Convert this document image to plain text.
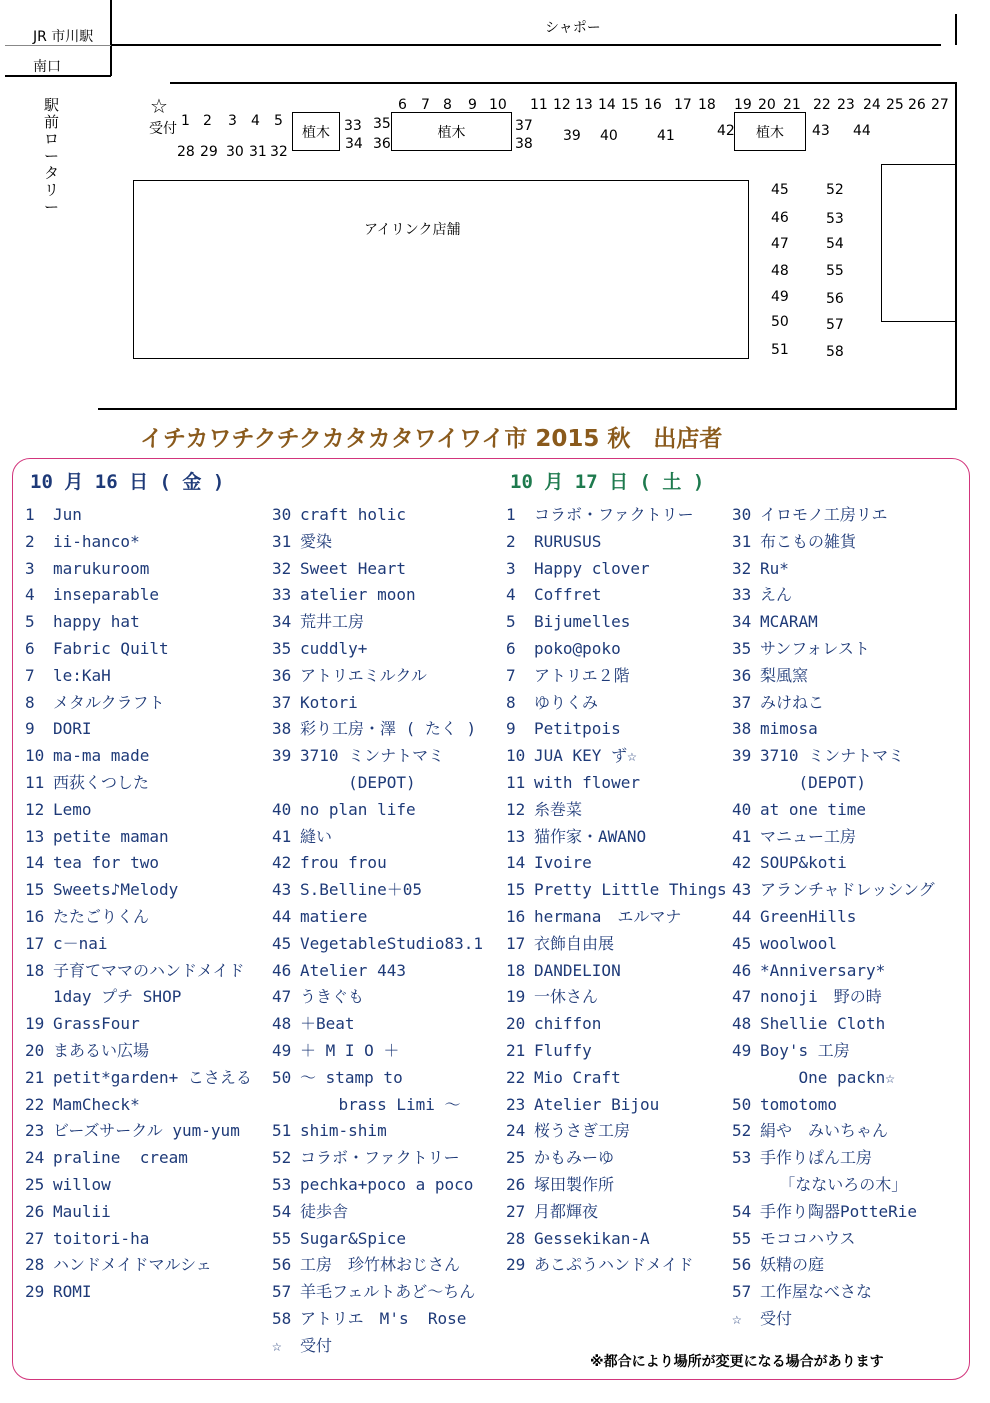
JR 市川駅
南口
駅前ロータリー
シャポー
アイリンク店舗
植木	植木	植木
☆
受付 1 2 3 4 5
28 29 30 31 32
33
34
35
36
6 7 8 9 10
37
38
11 12 13 14 15 16 17 18
39 40	41	42
19 20 21
43
22 23 24 25 26 27
44
45
46
47
48
49
50
51
52
53
54
55
56
57
58
イチカワチクチクカタカタワイワイ市 2015 秋　出店者
10 月 16 日 ( 金 )	10 月 17 日 ( 土 )
1	Jun
2	ii-hanco*
3	marukuroom
4	inseparable
5	happy hat
6	Fabric Quilt
7	le:KaH
8	メタルクラフト
9	DORI
10 ma-ma made
11 西荻くつした
12 Lemo
13 petite maman
14 tea for two
15 Sweets♪Melody
16 たたごりくん
17 c－nai
18 子育てママのハンドメイド
1day プチ SHOP
19 GrassFour
20 まあるい広場
21 petit*garden+ こさえる
22 MamCheck*
23 ビーズサークル yum-yum
24 praline  cream
25 willow
26 Maulii
27 toitori-ha
28 ハンドメイドマルシェ
29 ROMI
30 craft holic
31 愛染
32 Sweet Heart
33 atelier moon
34 荒井工房
35 cuddly+
36 アトリエミルクル
37 Kotori
38 彩り工房・澤 ( たく )
39 3710 ミンナトマミ
(DEPOT)
40 no plan life
41 縫い
42 frou frou
43 S.Belline＋05
44 matiere
45 VegetableStudio83.1
46 Atelier 443
47 うきぐも
48 ＋Beat
49 ＋ M I O ＋
50 ～ stamp to
brass Limi ～
51 shim-shim
52 コラボ・ファクトリー
53 pechka+poco a poco
54 徒歩舎
55 Sugar&Spice
56 工房　珍竹林おじさん
57 羊毛フェルトあど～ちん
58 アトリエ　M's  Rose
☆	受付
1	コラボ・ファクトリー
2	RURUSUS
3	Happy clover
4	Coffret
5	Bijumelles
6	poko@poko
7	アトリエ２階
8	ゆりくみ
9	Petitpois
10 JUA KEY ず☆
11 with flower
12 糸巻菜
13 猫作家・AWANO
14 Ivoire
15 Pretty Little Things
16 hermana　エルマナ
17 衣飾自由展
18 DANDELION
19 一休さん
20 chiffon
21 Fluffy
22 Mio Craft
23 Atelier Bijou
24 桜うさぎ工房
25 かもみーゆ
26 塚田製作所
27 月都輝夜
28 Gessekikan-A
29 あこぷうハンドメイド
30 イロモノ工房リエ
31 布こもの雑貨
32 Ru*
33 えん
34 MCARAM
35 サンフォレスト
36 梨風窯
37 みけねこ
38 mimosa
39 3710 ミンナトマミ
(DEPOT)
40 at one time
41 マニュー工房
42 SOUP&koti
43 アランチャドレッシング
44 GreenHills
45 woolwool
46 *Anniversary*
47 nonoji　野の時
48 Shellie Cloth
49 Boy's 工房
One packn☆
50 tomotomo
52 絹や　みいちゃん
53 手作りぱん工房
「なないろの木」
54 手作り陶器PotteRie
55 モココハウス
56 妖精の庭
57 工作屋なべさな
☆	受付
※都合により場所が変更になる場合があります
